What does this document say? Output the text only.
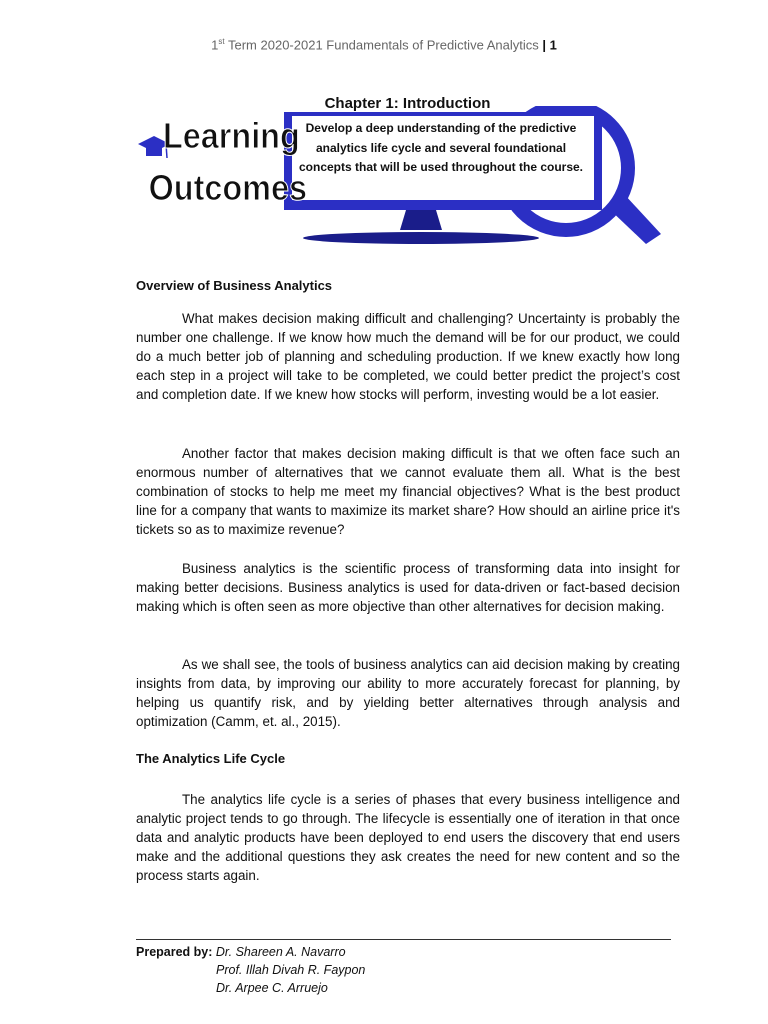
1st Term 2020-2021 Fundamentals of Predictive Analytics | 1
Chapter 1: Introduction
Learning
Outcomes
Develop a deep understanding of the predictive analytics life cycle and several foundational concepts that will be used throughout the course.
Overview of Business Analytics
What makes decision making difficult and challenging? Uncertainty is probably the number one challenge. If we know how much the demand will be for our product, we could do a much better job of planning and scheduling production. If we knew exactly how long each step in a project will take to be completed, we could better predict the project’s cost and completion date. If we knew how stocks will perform, investing would be a lot easier.
Another factor that makes decision making difficult is that we often face such an enormous number of alternatives that we cannot evaluate them all. What is the best combination of stocks to help me meet my financial objectives? What is the best product line for a company that wants to maximize its market share? How should an airline price it's tickets so as to maximize revenue?
Business analytics is the scientific process of transforming data into insight for making better decisions. Business analytics is used for data-driven or fact-based decision making which is often seen as more objective than other alternatives for decision making.
As we shall see, the tools of business analytics can aid decision making by creating insights from data, by improving our ability to more accurately forecast for planning, by helping us quantify risk, and by yielding better alternatives through analysis and optimization (Camm, et. al., 2015).
The Analytics Life Cycle
The analytics life cycle is a series of phases that every business intelligence and analytic project tends to go through. The lifecycle is essentially one of iteration in that once data and analytic products have been deployed to end users the discovery that end users make and the additional questions they ask creates the need for new content and so the process starts again.
Prepared by: Dr. Shareen A. Navarro
Prof. Illah Divah R. Faypon
Dr. Arpee C. Arruejo
